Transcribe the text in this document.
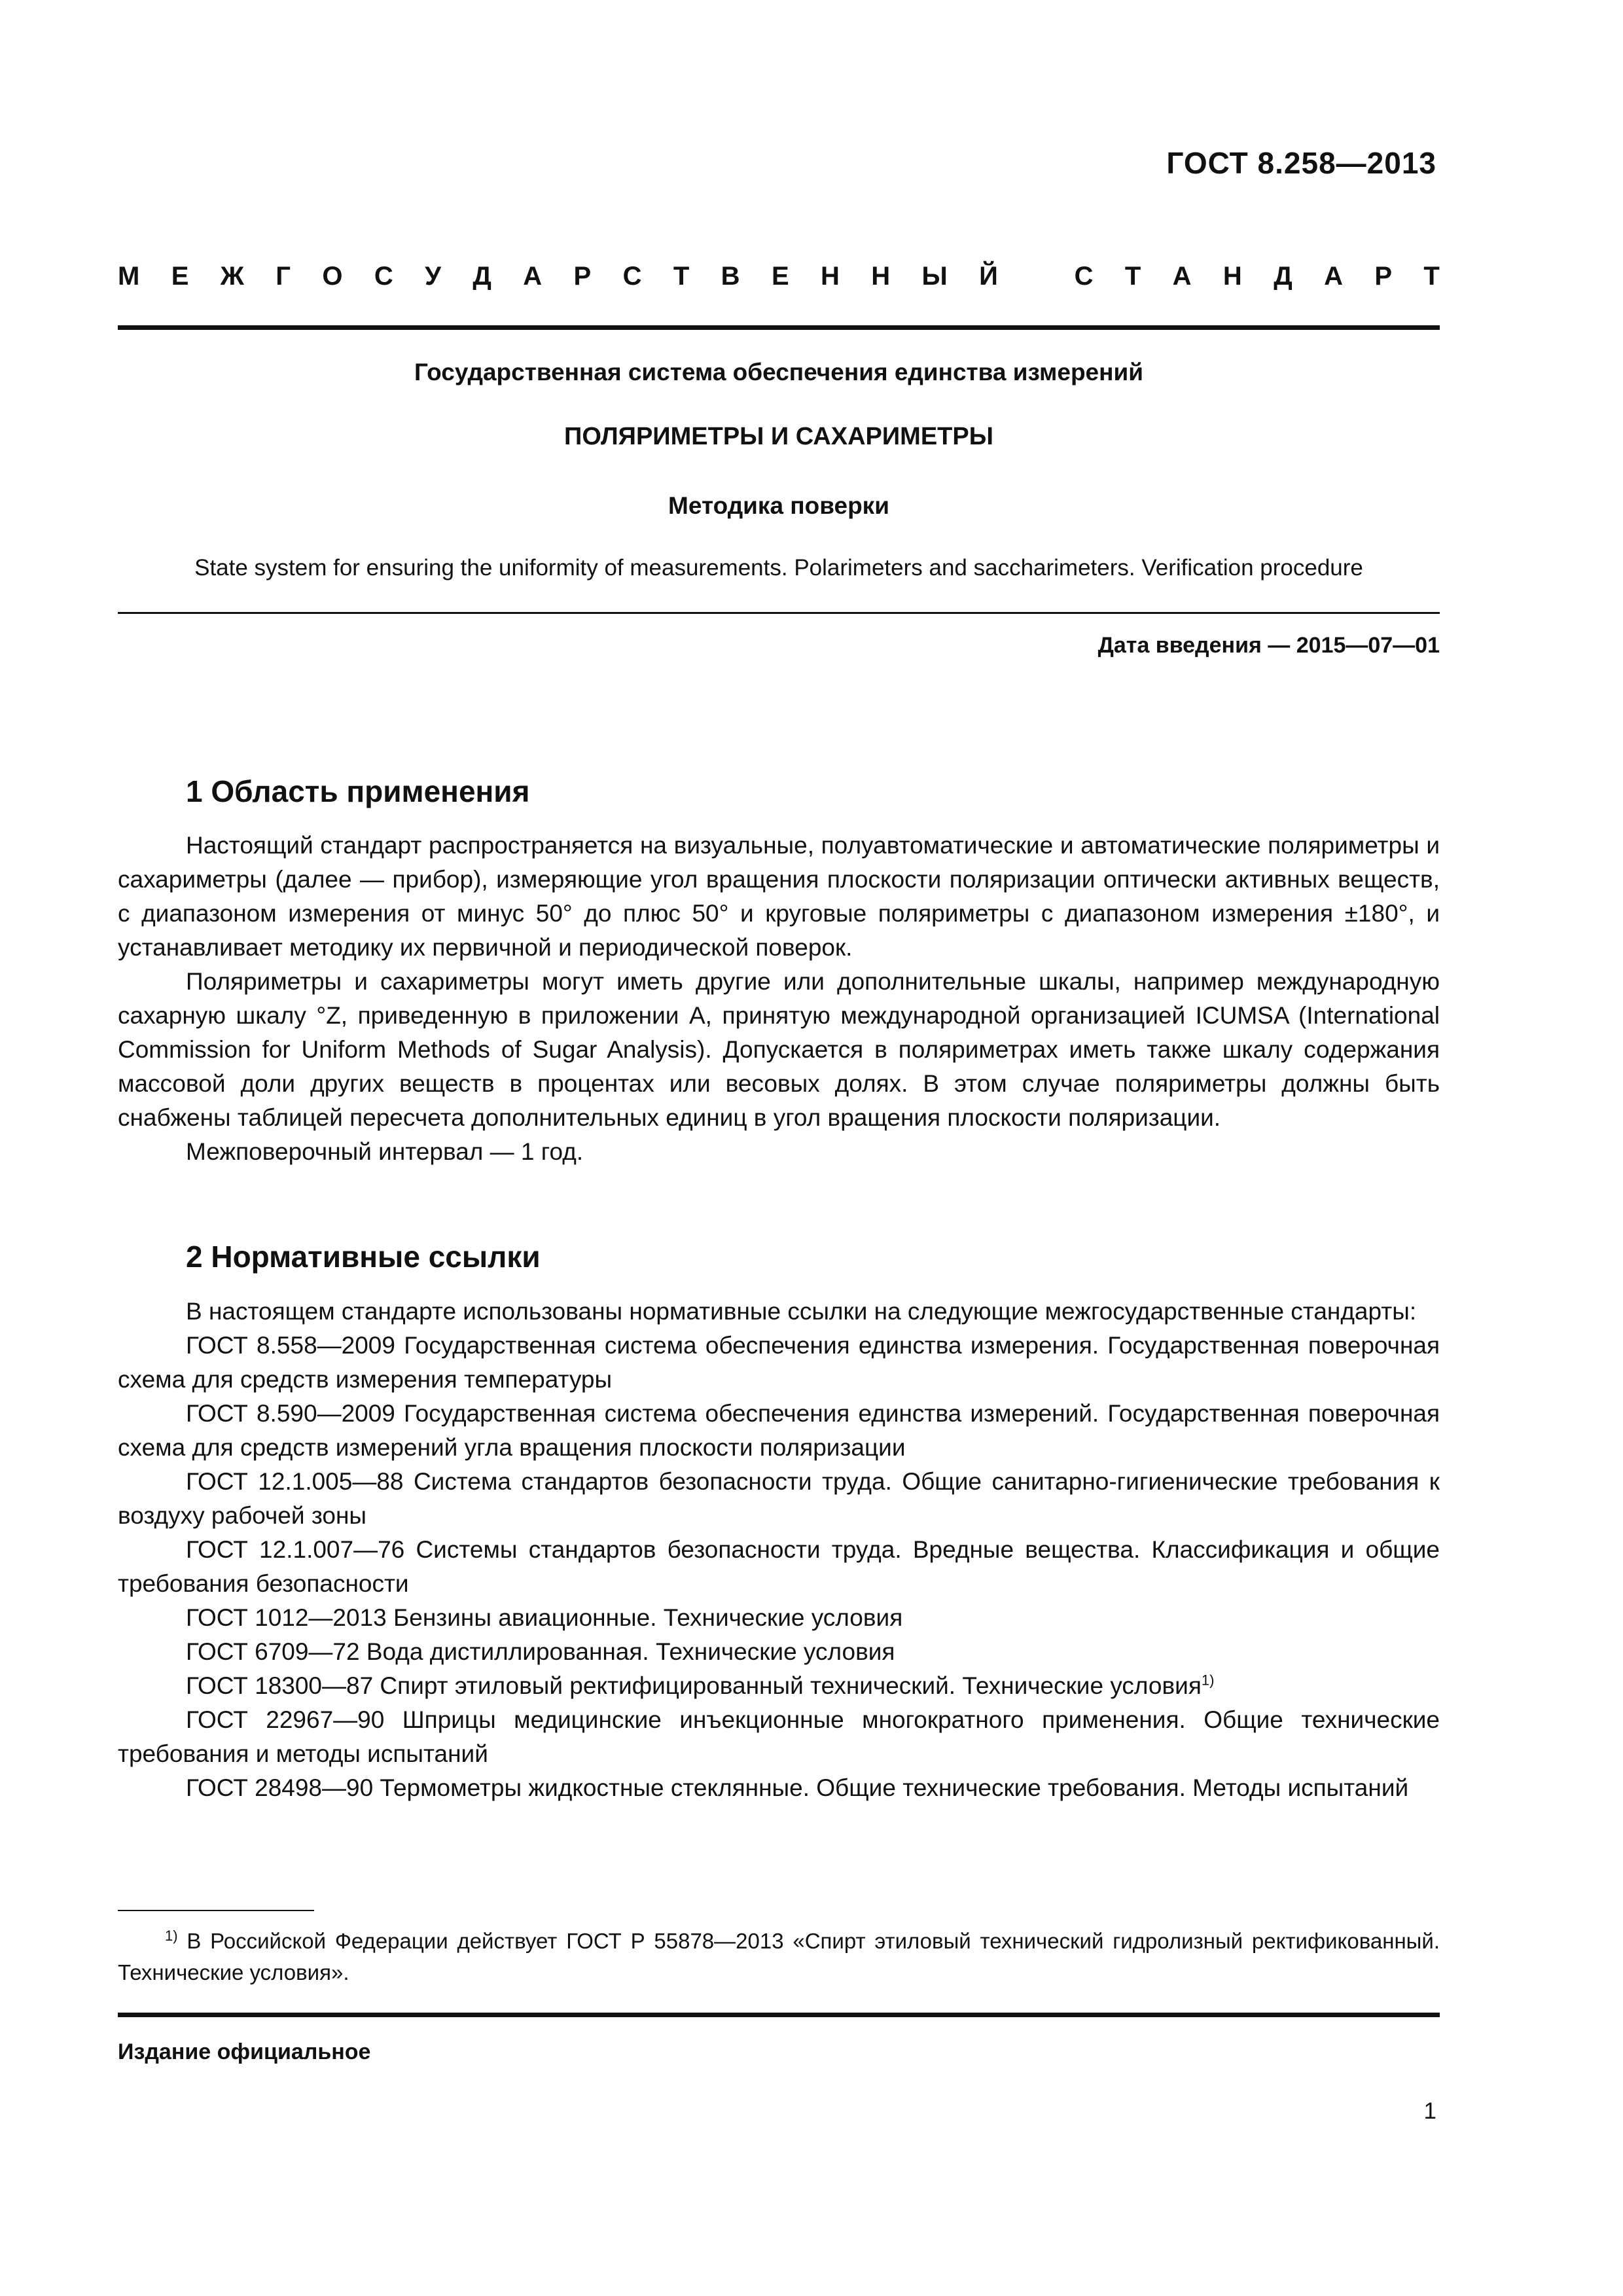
ГОСТ 8.258—2013
М Е Ж Г О С У Д А Р С Т В Е Н Н Ы Й	С Т А Н Д А Р Т
Государственная система обеспечения единства измерений
ПОЛЯРИМЕТРЫ И САХАРИМЕТРЫ
Методика поверки
State system for ensuring the uniformity of measurements. Polarimeters and saccharimeters. Verification procedure
Дата введения — 2015—07—01
1 Область применения

Настоящий стандарт распространяется на визуальные, полуавтоматические и автоматические поляриметры и сахариметры (далее — прибор), измеряющие угол вращения плоскости поляризации оптически активных веществ, с диапазоном измерения от минус 50° до плюс 50° и круговые поляриметры с диапазоном измерения ±180°, и устанавливает методику их первичной и периодической поверок.

Поляриметры и сахариметры могут иметь другие или дополнительные шкалы, например международную сахарную шкалу °Z, приведенную в приложении А, принятую международной организацией ICUMSA (International Commission for Uniform Methods of Sugar Analysis). Допускается в поляриметрах иметь также шкалу содержания массовой доли других веществ в процентах или весовых долях. В этом случае поляриметры должны быть снабжены таблицей пересчета дополнительных единиц в угол вращения плоскости поляризации.

Межповерочный интервал — 1 год.

2 Нормативные ссылки

В настоящем стандарте использованы нормативные ссылки на следующие межгосударственные стандарты:

ГОСТ 8.558—2009 Государственная система обеспечения единства измерения. Государственная поверочная схема для средств измерения температуры

ГОСТ 8.590—2009 Государственная система обеспечения единства измерений. Государственная поверочная схема для средств измерений угла вращения плоскости поляризации

ГОСТ 12.1.005—88 Система стандартов безопасности труда. Общие санитарно-гигиенические требования к воздуху рабочей зоны

ГОСТ 12.1.007—76 Системы стандартов безопасности труда. Вредные вещества. Классификация и общие требования безопасности

ГОСТ 1012—2013 Бензины авиационные. Технические условия

ГОСТ 6709—72 Вода дистиллированная. Технические условия

ГОСТ 18300—87 Спирт этиловый ректифицированный технический. Технические условия$^{1)}$

ГОСТ 22967—90 Шприцы медицинские инъекционные многократного применения. Общие технические требования и методы испытаний

ГОСТ 28498—90 Термометры жидкостные стеклянные. Общие технические требования. Методы испытаний

$^{1)}$ В Российской Федерации действует ГОСТ Р 55878—2013 «Спирт этиловый технический гидролизный ректификованный. Технические условия».

Издание официальное
1
